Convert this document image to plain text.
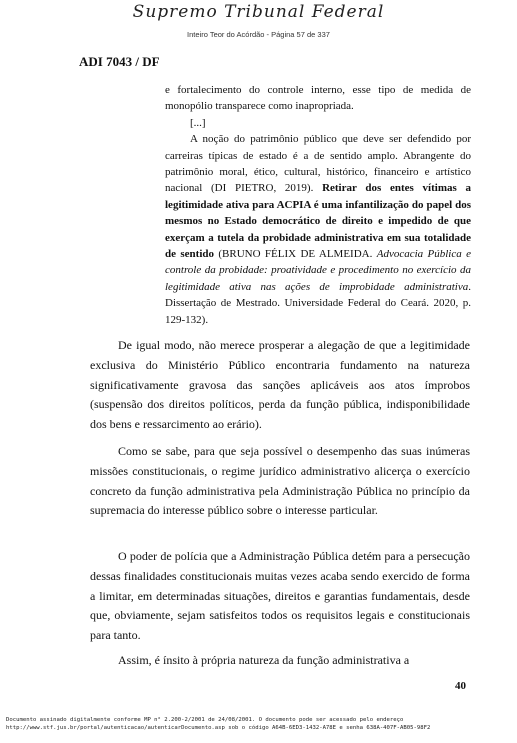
Supremo Tribunal Federal
Inteiro Teor do Acórdão - Página 57 de 337
ADI 7043 / DF

e fortalecimento do controle interno, esse tipo de medida de monopólio transparece como inapropriada.

[...]

A noção do patrimônio público que deve ser defendido por carreiras típicas de estado é a de sentido amplo. Abrangente do patrimônio moral, ético, cultural, histórico, financeiro e artístico nacional (DI PIETRO, 2019). Retirar dos entes vítimas a legitimidade ativa para ACPIA é uma infantilização do papel dos mesmos no Estado democrático de direito e impedido de que exerçam a tutela da probidade administrativa em sua totalidade de sentido (BRUNO FÉLIX DE ALMEIDA. Advocacia Pública e controle da probidade: proatividade e procedimento no exercício da legitimidade ativa nas ações de improbidade administrativa. Dissertação de Mestrado. Universidade Federal do Ceará. 2020, p. 129-132).

De igual modo, não merece prosperar a alegação de que a legitimidade exclusiva do Ministério Público encontraria fundamento na natureza significativamente gravosa das sanções aplicáveis aos atos ímprobos (suspensão dos direitos políticos, perda da função pública, indisponibilidade dos bens e ressarcimento ao erário).

Como se sabe, para que seja possível o desempenho das suas inúmeras missões constitucionais, o regime jurídico administrativo alicerça o exercício concreto da função administrativa pela Administração Pública no princípio da supremacia do interesse público sobre o interesse particular.

O poder de polícia que a Administração Pública detém para a persecução dessas finalidades constitucionais muitas vezes acaba sendo exercido de forma a limitar, em determinadas situações, direitos e garantias fundamentais, desde que, obviamente, sejam satisfeitos todos os requisitos legais e constitucionais para tanto.

Assim, é ínsito à própria natureza da função administrativa a

40
Documento assinado digitalmente conforme MP n° 2.200-2/2001 de 24/08/2001. O documento pode ser acessado pelo endereço
http://www.stf.jus.br/portal/autenticacao/autenticarDocumento.asp sob o código A64B-6ED3-1432-A78E e senha 638A-407F-AB05-98F2
